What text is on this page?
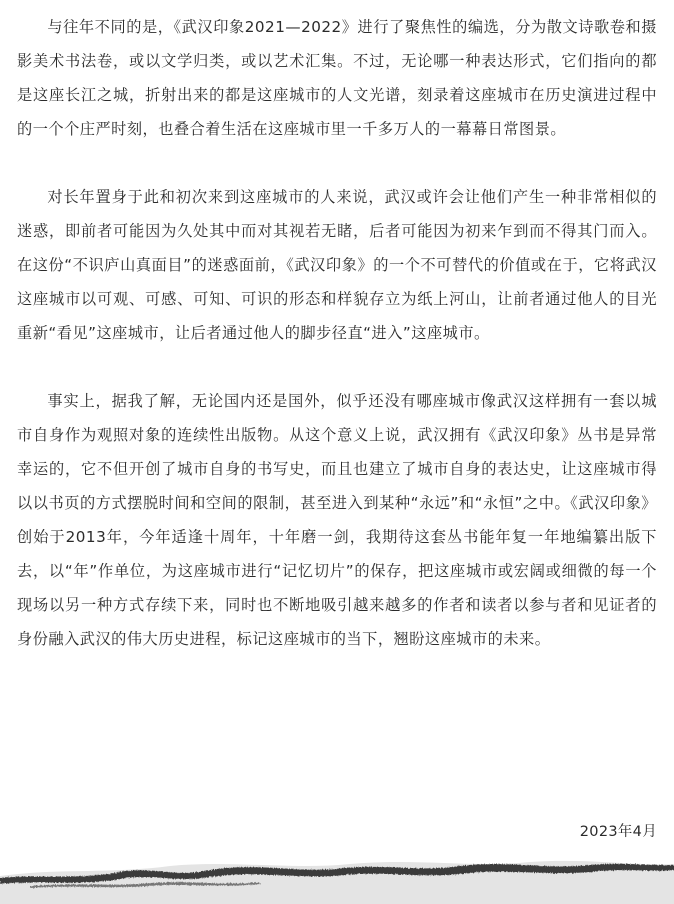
与往年不同的是，《武汉印象2021—2022》进行了聚焦性的编选，分为散文诗歌卷和摄影美术书法卷，或以文学归类，或以艺术汇集。不过，无论哪一种表达形式，它们指向的都是这座长江之城，折射出来的都是这座城市的人文光谱，刻录着这座城市在历史演进过程中的一个个庄严时刻，也叠合着生活在这座城市里一千多万人的一幕幕日常图景。

对长年置身于此和初次来到这座城市的人来说，武汉或许会让他们产生一种非常相似的迷惑，即前者可能因为久处其中而对其视若无睹，后者可能因为初来乍到而不得其门而入。在这份“不识庐山真面目”的迷惑面前，《武汉印象》的一个不可替代的价值或在于，它将武汉这座城市以可观、可感、可知、可识的形态和样貌存立为纸上河山，让前者通过他人的目光重新“看见”这座城市，让后者通过他人的脚步径直“进入”这座城市。

事实上，据我了解，无论国内还是国外，似乎还没有哪座城市像武汉这样拥有一套以城市自身作为观照对象的连续性出版物。从这个意义上说，武汉拥有《武汉印象》丛书是异常幸运的，它不但开创了城市自身的书写史，而且也建立了城市自身的表达史，让这座城市得以以书页的方式摆脱时间和空间的限制，甚至进入到某种“永远”和“永恒”之中。《武汉印象》创始于2013年，今年适逢十周年，十年磨一剑，我期待这套丛书能年复一年地编纂出版下去，以“年”作单位，为这座城市进行“记忆切片”的保存，把这座城市或宏阔或细微的每一个现场以另一种方式存续下来，同时也不断地吸引越来越多的作者和读者以参与者和见证者的身份融入武汉的伟大历史进程，标记这座城市的当下，翘盼这座城市的未来。

2023年4月
